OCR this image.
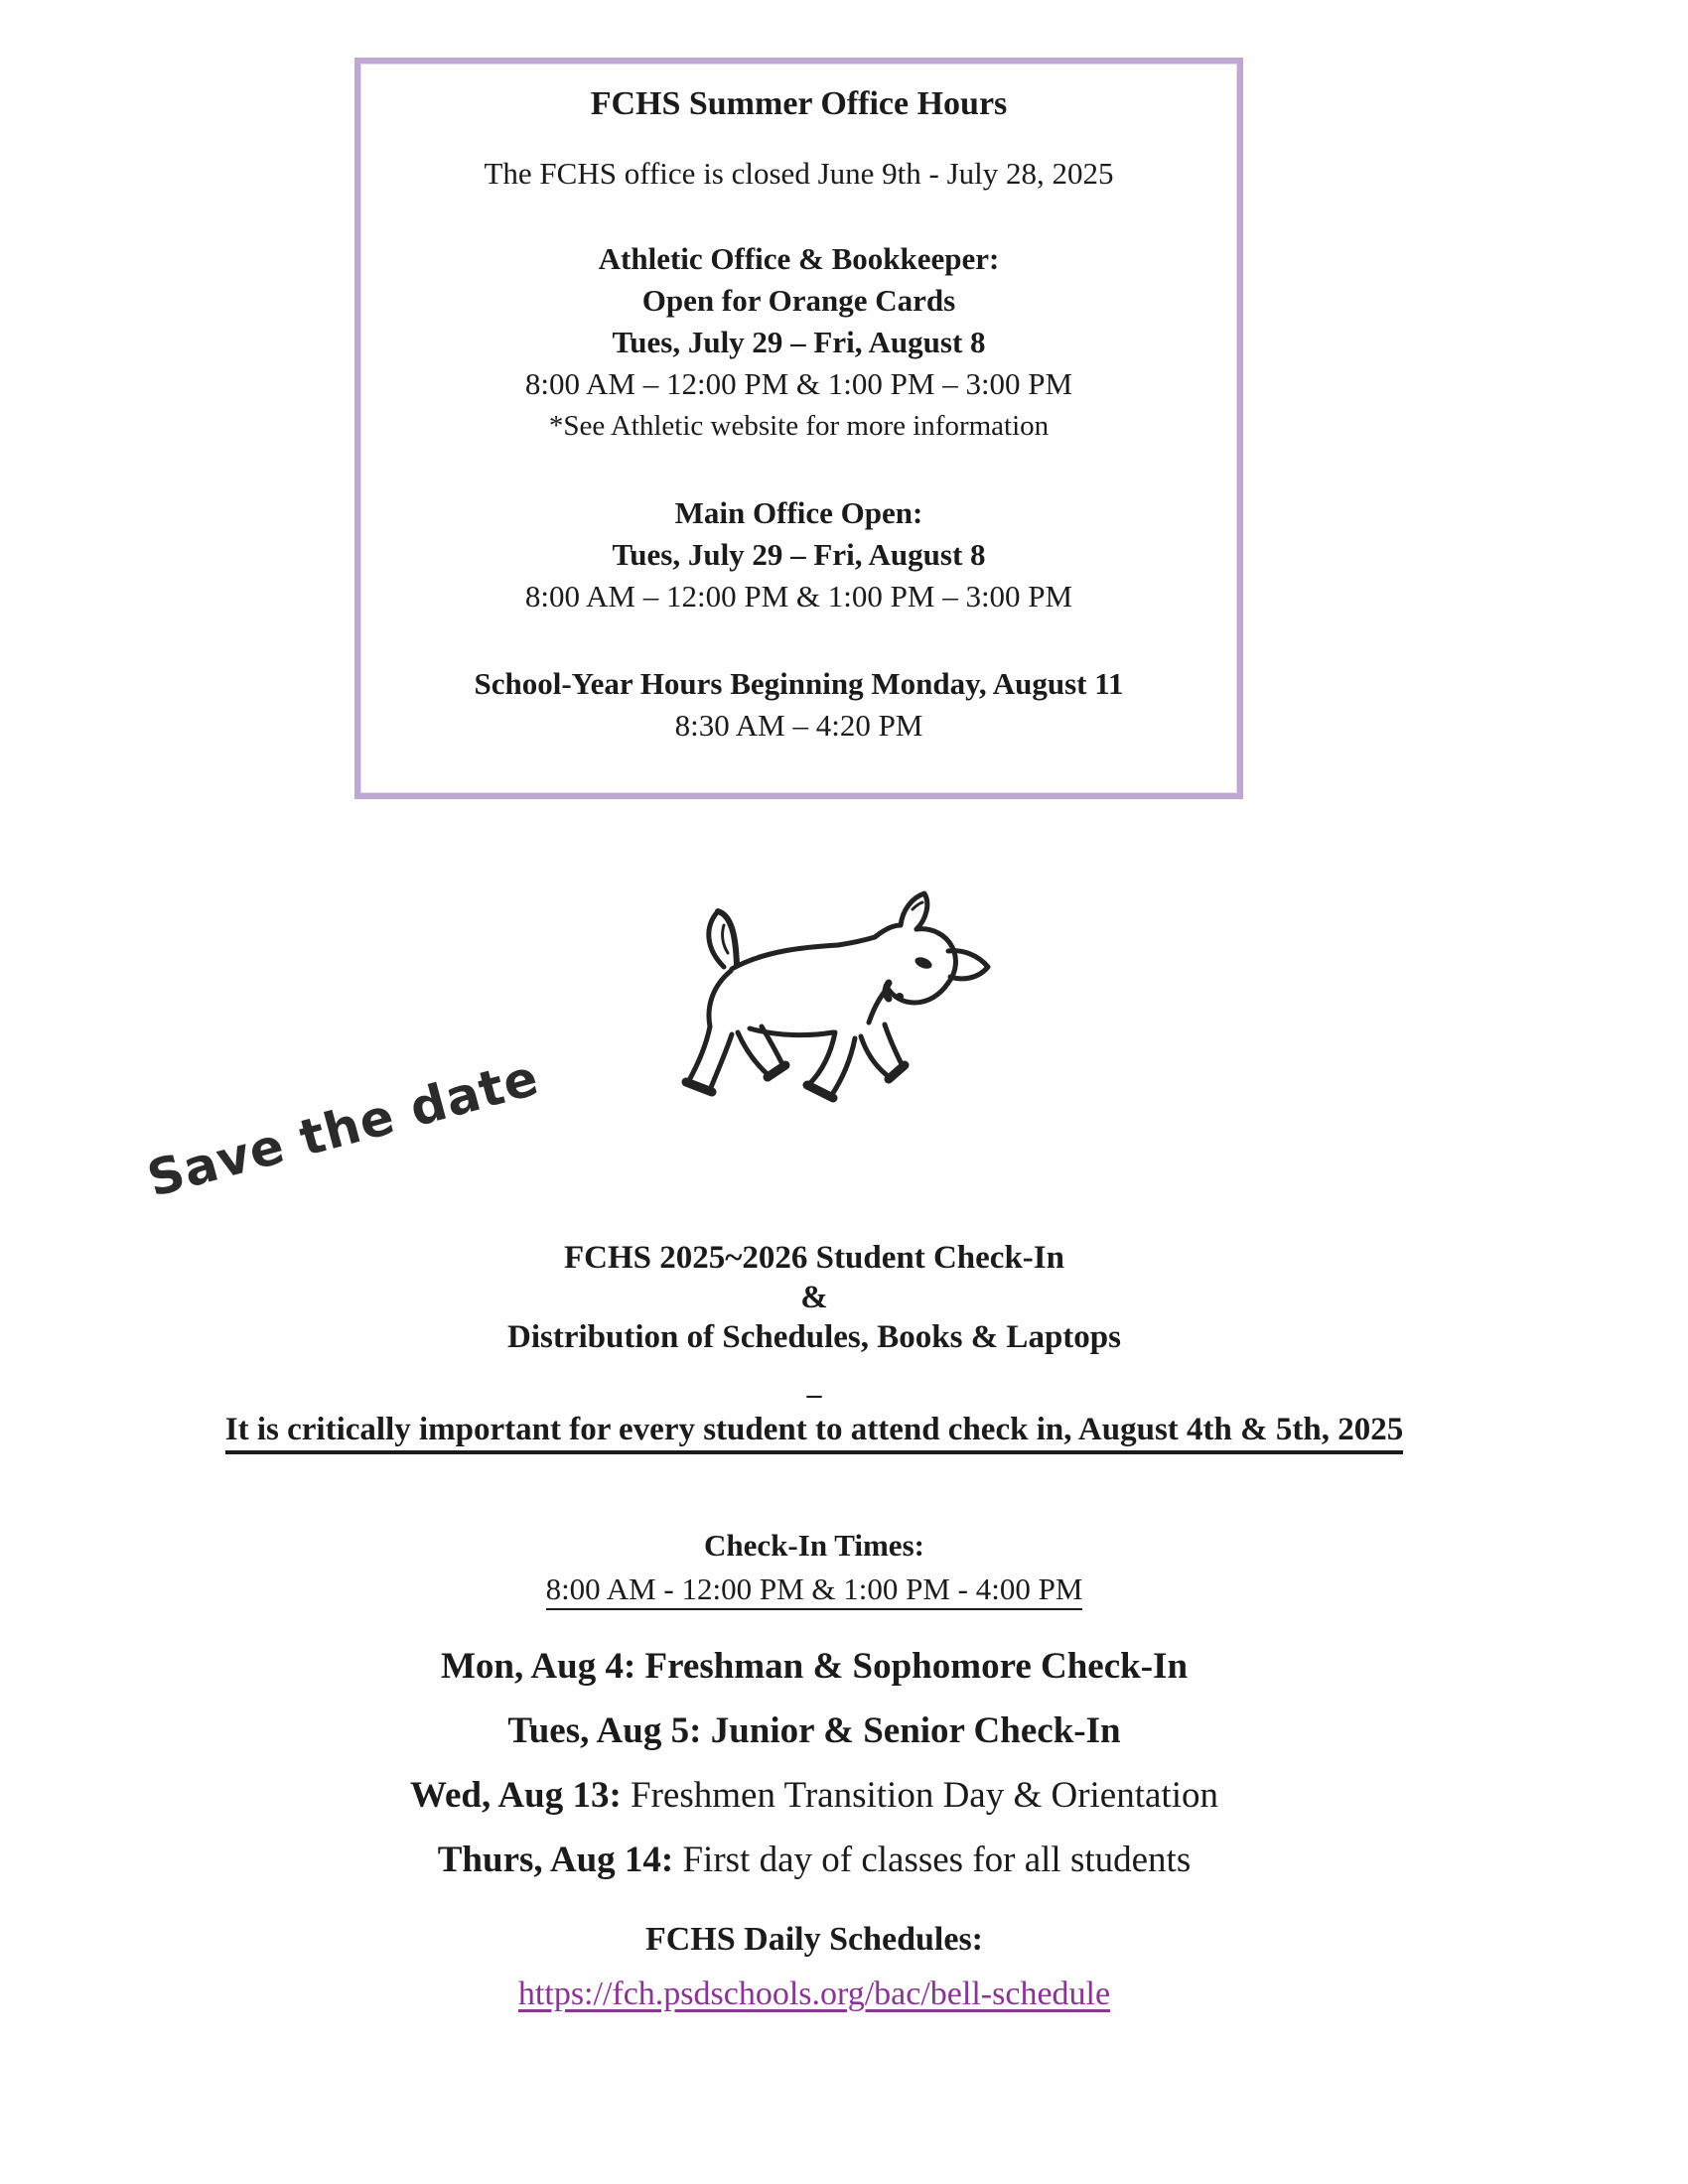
FCHS Summer Office Hours
The FCHS office is closed June 9th - July 28, 2025
Athletic Office & Bookkeeper:
Open for Orange Cards
Tues, July 29 – Fri, August 8
8:00 AM – 12:00 PM & 1:00 PM – 3:00 PM
*See Athletic website for more information
Main Office Open:
Tues, July 29 – Fri, August 8
8:00 AM – 12:00 PM & 1:00 PM – 3:00 PM
School-Year Hours Beginning Monday, August 11
8:30 AM – 4:20 PM
Save the date
FCHS 2025~2026 Student Check-In
&
Distribution of Schedules, Books & Laptops
–
It is critically important for every student to attend check in, August 4th & 5th, 2025
Check-In Times:
8:00 AM - 12:00 PM & 1:00 PM - 4:00 PM
Mon, Aug 4: Freshman & Sophomore Check-In
Tues, Aug 5: Junior & Senior Check-In
Wed, Aug 13: Freshmen Transition Day & Orientation
Thurs, Aug 14: First day of classes for all students
FCHS Daily Schedules:
https://fch.psdschools.org/bac/bell-schedule
